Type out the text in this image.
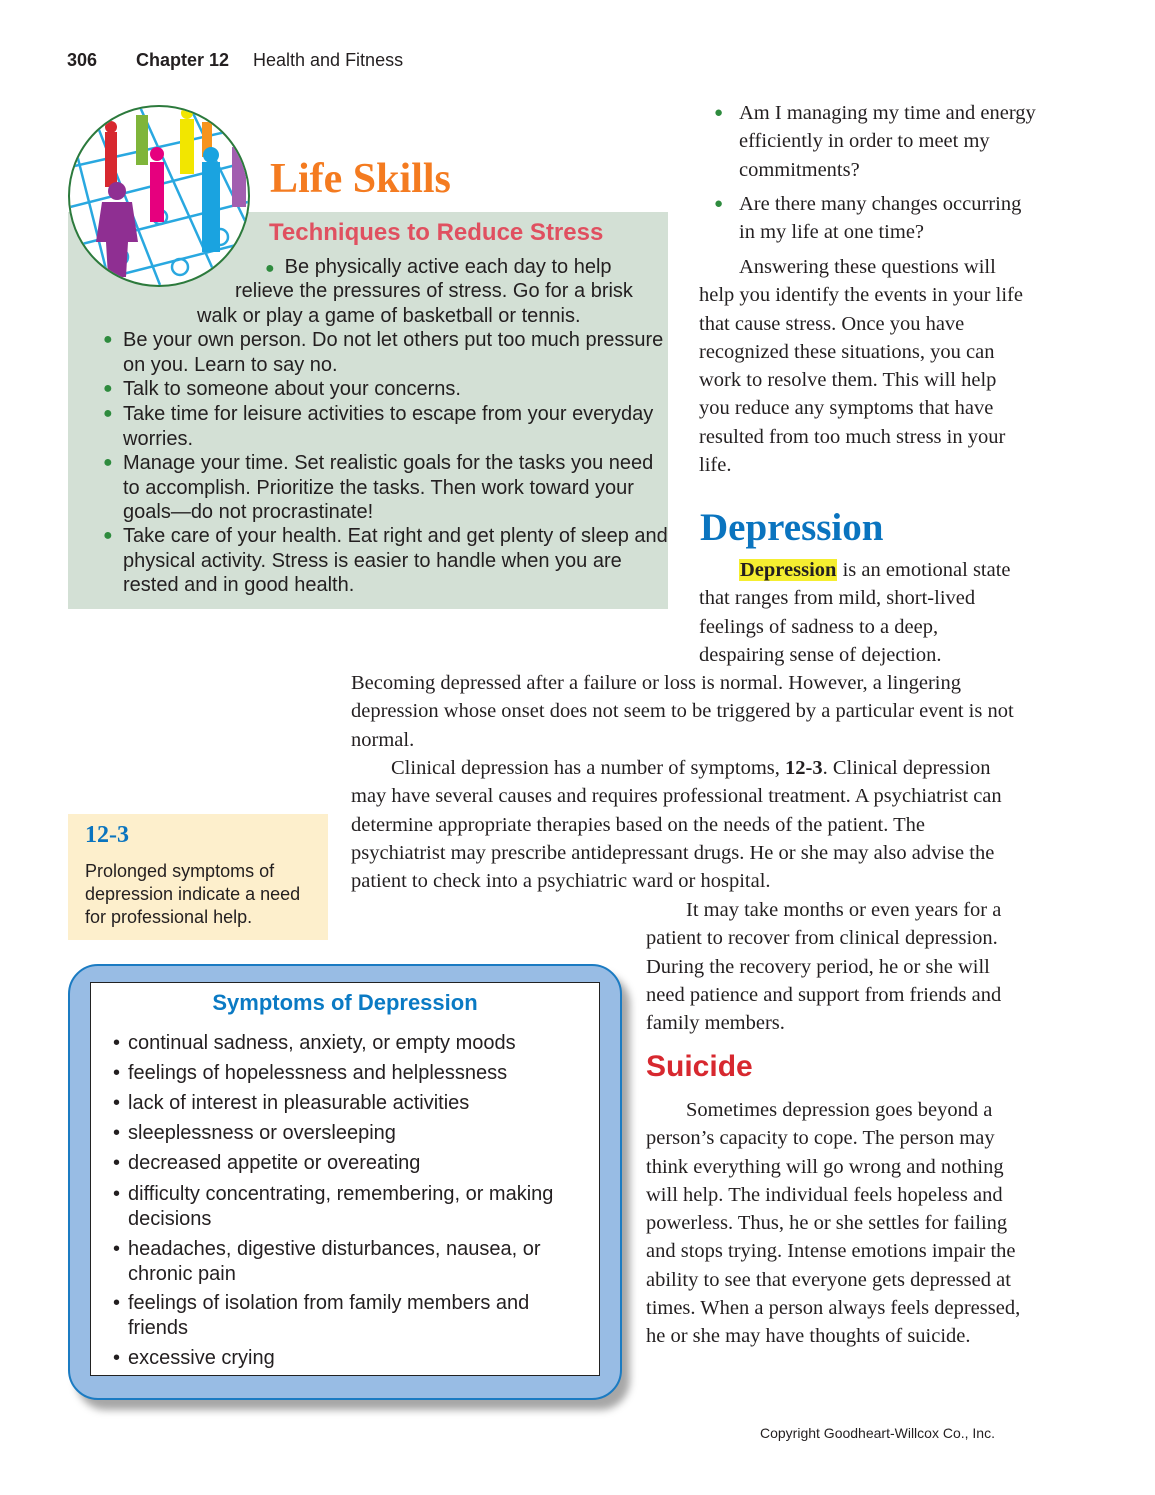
306 Chapter 12 Health and Fitness
Life Skills
Techniques to Reduce Stress
● Be physically active each day to help
relieve the pressures of stress. Go for a brisk
walk or play a game of basketball or tennis.
● Be your own person. Do not let others put too much pressure on you. Learn to say no.
● Talk to someone about your concerns.
● Take time for leisure activities to escape from your everyday worries.
● Manage your time. Set realistic goals for the tasks you need to accomplish. Prioritize the tasks. Then work toward your goals—do not procrastinate!
● Take care of your health. Eat right and get plenty of sleep and physical activity. Stress is easier to handle when you are rested and in good health.
● Am I managing my time and energy efficiently in order to meet my commitments?
● Are there many changes occurring in my life at one time?

Answering these questions will help you identify the events in your life that cause stress. Once you have recognized these situations, you can work to resolve them. This will help you reduce any symptoms that have resulted from too much stress in your life.

Depression

Depression is an emotional state that ranges from mild, short-lived feelings of sadness to a deep, despairing sense of dejection.

Becoming depressed after a failure or loss is normal. However, a lingering depression whose onset does not seem to be triggered by a particular event is not normal.

Clinical depression has a number of symptoms, 12-3. Clinical depression may have several causes and requires professional treatment. A psychiatrist can determine appropriate therapies based on the needs of the patient. The psychiatrist may prescribe antidepressant drugs. He or she may also advise the patient to check into a psychiatric ward or hospital.

It may take months or even years for a patient to recover from clinical depression. During the recovery period, he or she will need patience and support from friends and family members.

Suicide

Sometimes depression goes beyond a person’s capacity to cope. The person may think everything will go wrong and nothing will help. The individual feels hopeless and powerless. Thus, he or she settles for failing and stops trying. Intense emotions impair the ability to see that everyone gets depressed at times. When a person always feels depressed, he or she may have thoughts of suicide.

12-3
Prolonged symptoms of depression indicate a need for professional help.
Symptoms of Depression
• continual sadness, anxiety, or empty moods
• feelings of hopelessness and helplessness
• lack of interest in pleasurable activities
• sleeplessness or oversleeping
• decreased appetite or overeating
• difficulty concentrating, remembering, or making decisions
• headaches, digestive disturbances, nausea, or chronic pain
• feelings of isolation from family members and friends
• excessive crying
Copyright Goodheart-Willcox Co., Inc.
